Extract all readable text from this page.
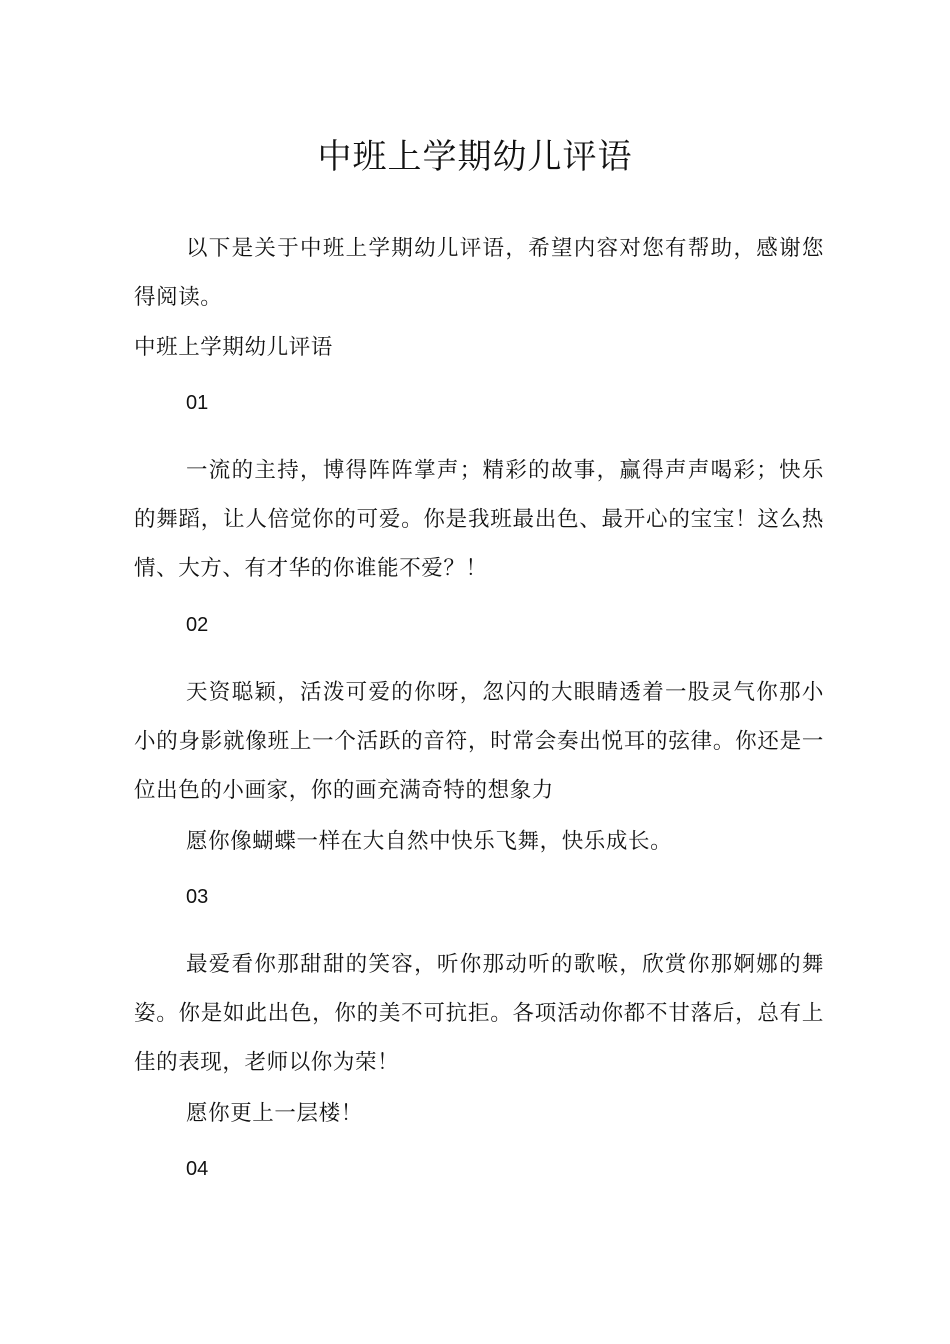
中班上学期幼儿评语

以下是关于中班上学期幼儿评语，希望内容对您有帮助，感谢您得阅读。

中班上学期幼儿评语

01

一流的主持，博得阵阵掌声；精彩的故事，赢得声声喝彩；快乐的舞蹈，让人倍觉你的可爱。你是我班最出色、最开心的宝宝！这么热情、大方、有才华的你谁能不爱？！

02

天资聪颖，活泼可爱的你呀，忽闪的大眼睛透着一股灵气你那小小的身影就像班上一个活跃的音符，时常会奏出悦耳的弦律。你还是一位出色的小画家，你的画充满奇特的想象力

愿你像蝴蝶一样在大自然中快乐飞舞，快乐成长。

03

最爱看你那甜甜的笑容，听你那动听的歌喉，欣赏你那婀娜的舞姿。你是如此出色，你的美不可抗拒。各项活动你都不甘落后，总有上佳的表现，老师以你为荣！

愿你更上一层楼！

04
